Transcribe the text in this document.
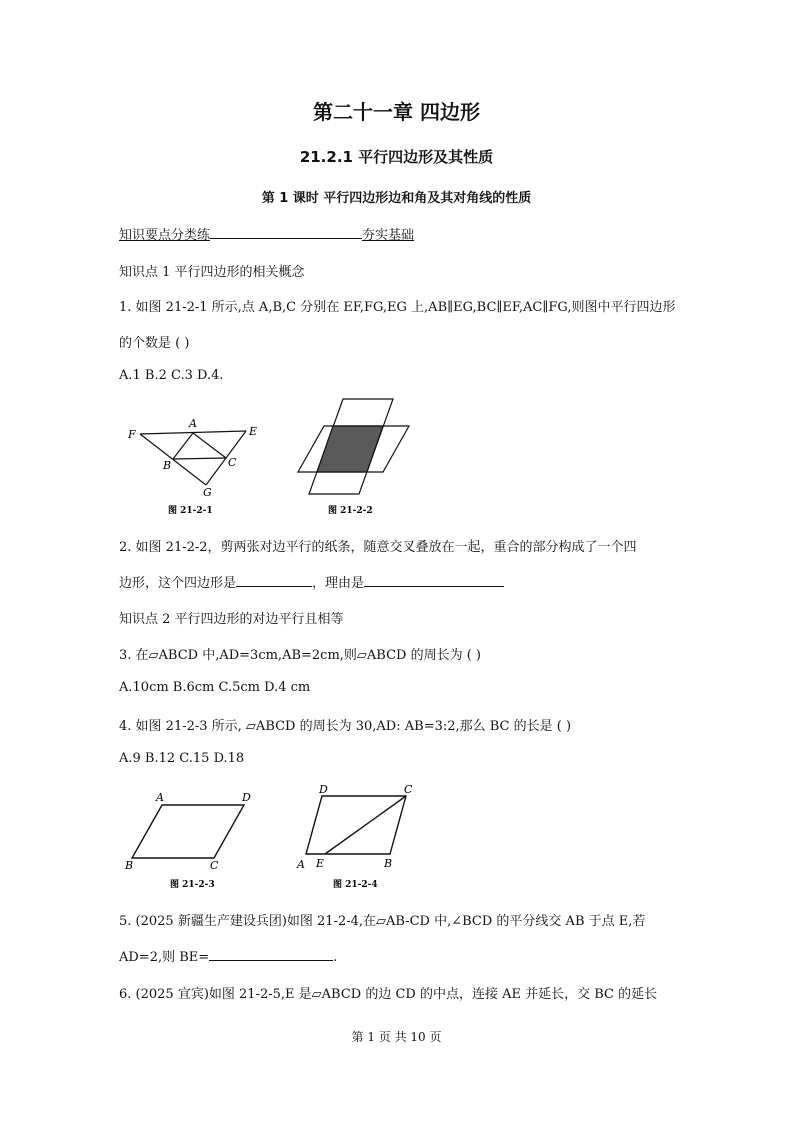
第二十一章 四边形
21.2.1 平行四边形及其性质
第 1 课时 平行四边形边和角及其对角线的性质
知识要点分类练	夯实基础
知识点 1 平行四边形的相关概念
1. 如图 21-2-1 所示,点 A,B,C 分别在 EF,FG,EG 上,AB∥EG,BC∥EF,AC∥FG,则图中平行四边形
的个数是 ( )
A.1 B.2 C.3 D.4.
F
A
E
B	C
G
图 21-2-1	图 21-2-2
2. 如图 21-2-2，剪两张对边平行的纸条，随意交叉叠放在一起，重合的部分构成了一个四
边形，这个四边形是	，理由是
知识点 2 平行四边形的对边平行且相等
3. 在▱ABCD 中,AD=3cm,AB=2cm,则▱ABCD 的周长为 ( )
A.10cm B.6cm C.5cm D.4 cm
4. 如图 21-2-3 所示, ▱ABCD 的周长为 30,AD: AB=3:2,那么 BC 的长是 ( )
A.9 B.12 C.15 D.18
A	D
B	C
图 21-2-3
D	C
A E	B
图 21-2-4
5. (2025 新疆生产建设兵团)如图 21-2-4,在▱AB-CD 中,∠BCD 的平分线交 AB 于点 E,若
AD=2,则 BE=	.
6. (2025 宜宾)如图 21-2-5,E 是▱ABCD 的边 CD 的中点，连接 AE 并延长，交 BC 的延长
第 1 页 共 10 页
